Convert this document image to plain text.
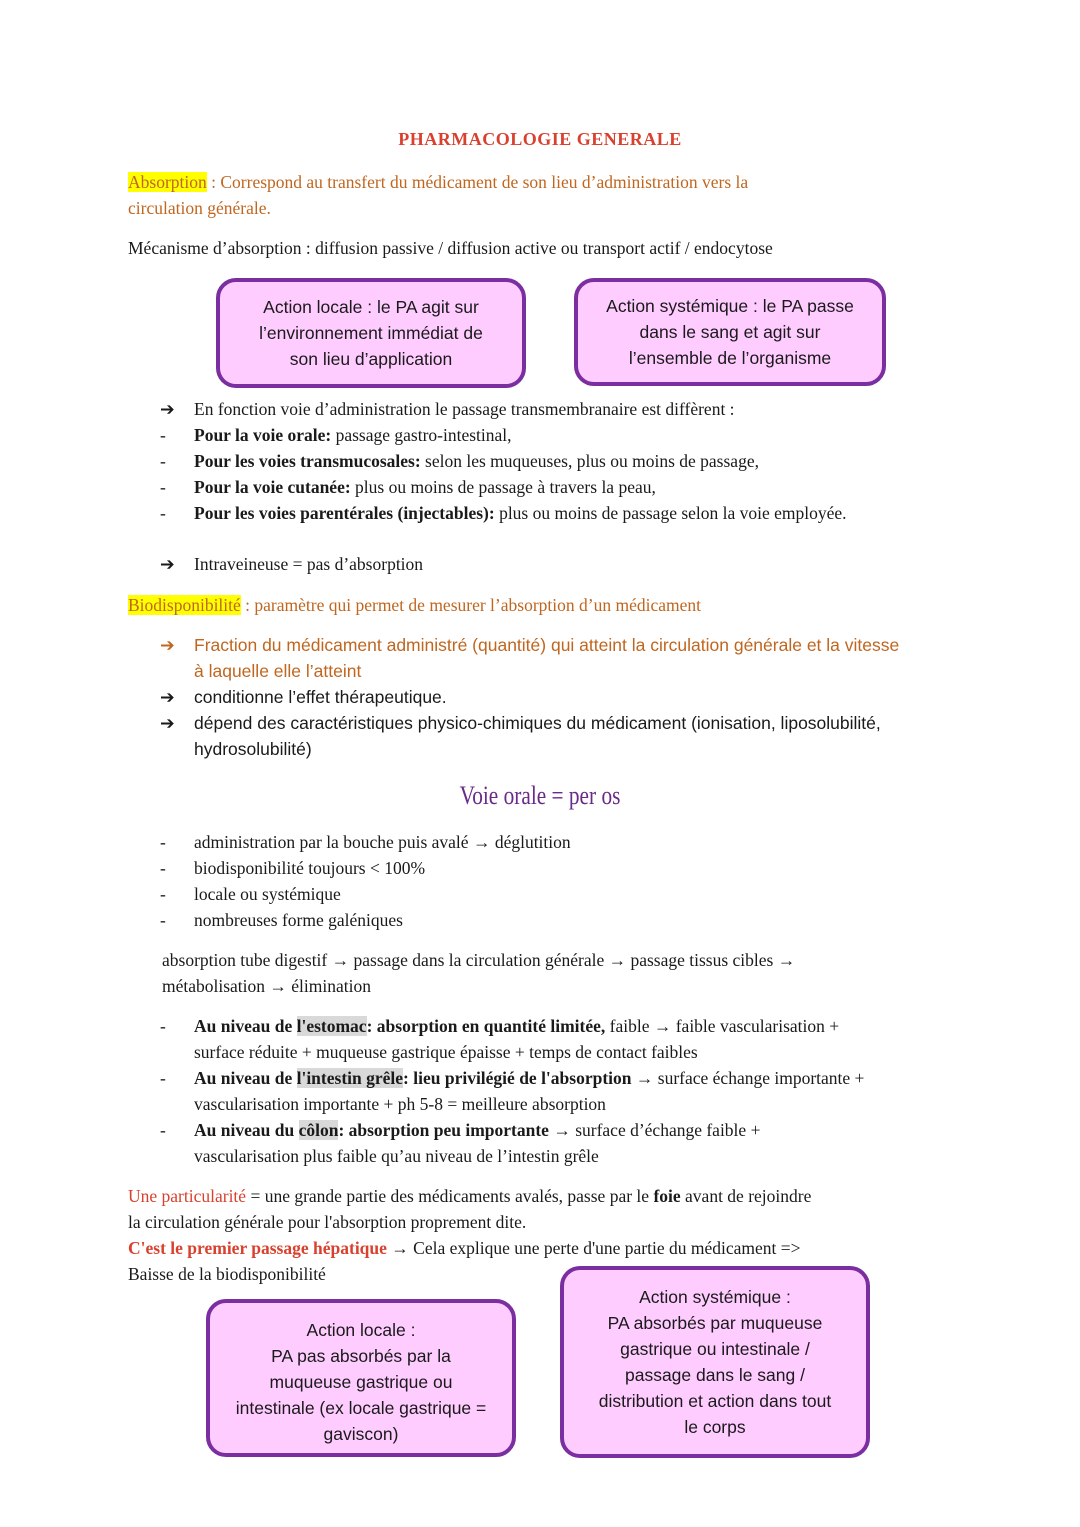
PHARMACOLOGIE GENERALE
Absorption : Correspond au transfert du médicament de son lieu d’administration vers la
circulation générale.
Mécanisme d’absorption : diffusion passive / diffusion active ou transport actif / endocytose
Action locale : le PA agit sur
l’environnement immédiat de
son lieu d’application
Action systémique : le PA passe
dans le sang et agit sur
l’ensemble de l’organisme
➔	En fonction voie d’administration le passage transmembranaire est diffèrent :
- Pour la voie orale: passage gastro-intestinal,
- Pour les voies transmucosales: selon les muqueuses, plus ou moins de passage,
- Pour la voie cutanée: plus ou moins de passage à travers la peau,
- Pour les voies parentérales (injectables): plus ou moins de passage selon la voie employée.
➔	Intraveineuse = pas d’absorption
Biodisponibilité : paramètre qui permet de mesurer l’absorption d’un médicament
➔	Fraction du médicament administré (quantité) qui atteint la circulation générale et la vitesse
à laquelle elle l’atteint
➔	conditionne l’effet thérapeutique.
➔	dépend des caractéristiques physico-chimiques du médicament (ionisation, liposolubilité,
hydrosolubilité)
Voie orale = per os
- administration par la bouche puis avalé → déglutition
- biodisponibilité toujours < 100%
- locale ou systémique
- nombreuses forme galéniques
absorption tube digestif → passage dans la circulation générale → passage tissus cibles →
métabolisation → élimination
- Au niveau de l'estomac: absorption en quantité limitée, faible → faible vascularisation +
surface réduite + muqueuse gastrique épaisse + temps de contact faibles
- Au niveau de l'intestin grêle: lieu privilégié de l'absorption → surface échange importante +
vascularisation importante + ph 5-8 = meilleure absorption
- Au niveau du côlon: absorption peu importante → surface d’échange faible +
vascularisation plus faible qu’au niveau de l’intestin grêle
Une particularité = une grande partie des médicaments avalés, passe par le foie avant de rejoindre
la circulation générale pour l'absorption proprement dite.
C'est le premier passage hépatique → Cela explique une perte d'une partie du médicament =>
Baisse de la biodisponibilité
Action locale :
PA pas absorbés par la
muqueuse gastrique ou
intestinale (ex locale gastrique =
gaviscon)
Action systémique :
PA absorbés par muqueuse
gastrique ou intestinale /
passage dans le sang /
distribution et action dans tout
le corps
